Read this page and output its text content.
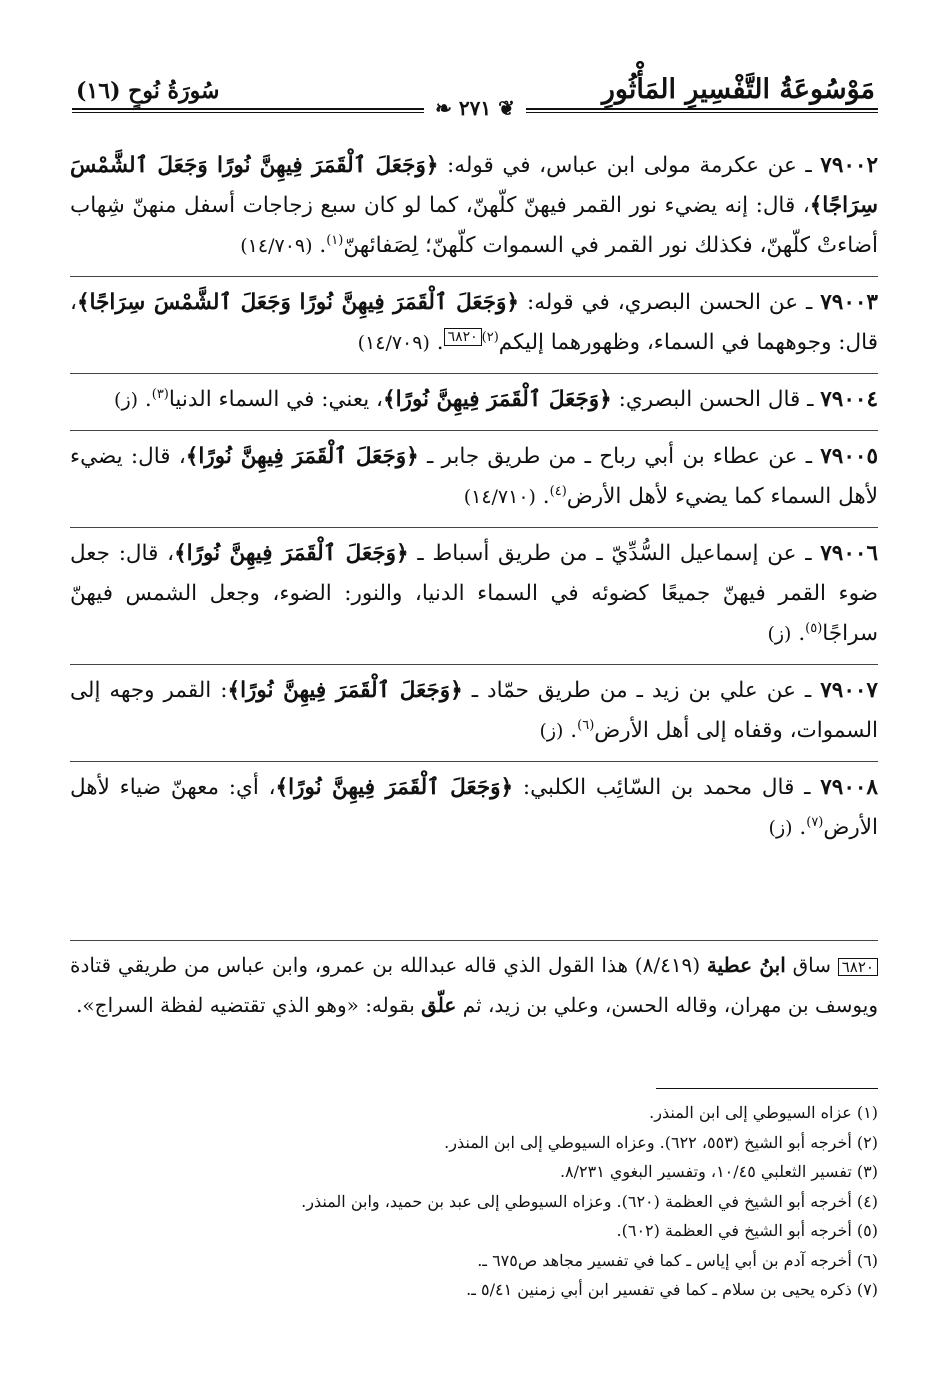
مَوْسُوعَةُ التَّفْسِيرِ المَأْثُورِ
سُورَةُ نُوحٍ (١٦)
❧ ٢٧١ ❦

٧٩٠٠٢ ـ عن عكرمة مولى ابن عباس، في قوله: ﴿وَجَعَلَ ٱلْقَمَرَ فِيهِنَّ نُورًا وَجَعَلَ ٱلشَّمْسَ سِرَاجًا﴾، قال: إنه يضيء نور القمر فيهنّ كلّهنّ، كما لو كان سبع زجاجات أسفل منهنّ شِهاب أضاءتْ كلّهنّ، فكذلك نور القمر في السموات كلّهنّ؛ لِصَفائهنّ$^{(١)}$. (١٤/٧٠٩)

٧٩٠٠٣ ـ عن الحسن البصري، في قوله: ﴿وَجَعَلَ ٱلْقَمَرَ فِيهِنَّ نُورًا وَجَعَلَ ٱلشَّمْسَ سِرَاجًا﴾، قال: وجوههما في السماء، وظهورهما إليكم$^{(٢)}$٦٨٢٠. (١٤/٧٠٩)

٧٩٠٠٤ ـ قال الحسن البصري: ﴿وَجَعَلَ ٱلْقَمَرَ فِيهِنَّ نُورًا﴾، يعني: في السماء الدنيا$^{(٣)}$. (ز)

٧٩٠٠٥ ـ عن عطاء بن أبي رباح ـ من طريق جابر ـ ﴿وَجَعَلَ ٱلْقَمَرَ فِيهِنَّ نُورًا﴾، قال: يضيء لأهل السماء كما يضيء لأهل الأرض$^{(٤)}$. (١٤/٧١٠)

٧٩٠٠٦ ـ عن إسماعيل السُّدِّيّ ـ من طريق أسباط ـ ﴿وَجَعَلَ ٱلْقَمَرَ فِيهِنَّ نُورًا﴾، قال: جعل ضوء القمر فيهنّ جميعًا كضوئه في السماء الدنيا، والنور: الضوء، وجعل الشمس فيهنّ سراجًا$^{(٥)}$. (ز)

٧٩٠٠٧ ـ عن علي بن زيد ـ من طريق حمّاد ـ ﴿وَجَعَلَ ٱلْقَمَرَ فِيهِنَّ نُورًا﴾: القمر وجهه إلى السموات، وقفاه إلى أهل الأرض$^{(٦)}$. (ز)

٧٩٠٠٨ ـ قال محمد بن السّائِب الكلبي: ﴿وَجَعَلَ ٱلْقَمَرَ فِيهِنَّ نُورًا﴾، أي: معهنّ ضياء لأهل الأرض$^{(٧)}$. (ز)

٦٨٢٠ ساق ابنُ عطية (٨/٤١٩) هذا القول الذي قاله عبدالله بن عمرو، وابن عباس من طريقي قتادة ويوسف بن مهران، وقاله الحسن، وعلي بن زيد، ثم علّق بقوله: «وهو الذي تقتضيه لفظة السراج».
(١) عزاه السيوطي إلى ابن المنذر.
(٢) أخرجه أبو الشيخ (٥٥٣، ٦٢٢). وعزاه السيوطي إلى ابن المنذر.
(٣) تفسير الثعلبي ١٠/٤٥، وتفسير البغوي ٨/٢٣١.
(٤) أخرجه أبو الشيخ في العظمة (٦٢٠). وعزاه السيوطي إلى عبد بن حميد، وابن المنذر.
(٥) أخرجه أبو الشيخ في العظمة (٦٠٢).
(٦) أخرجه آدم بن أبي إياس ـ كما في تفسير مجاهد ص٦٧٥ ـ.
(٧) ذكره يحيى بن سلام ـ كما في تفسير ابن أبي زمنين ٥/٤١ ـ.
